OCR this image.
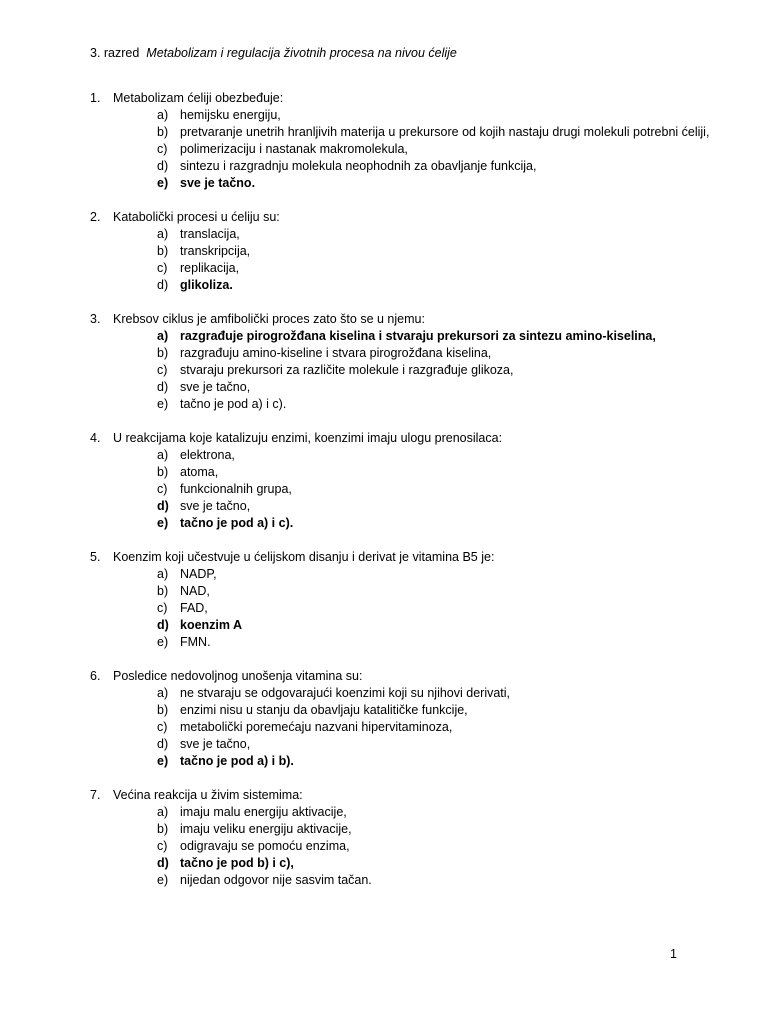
3. razred Metabolizam i regulacija životnih procesa na nivou ćelije
1.	Metabolizam ćeliji obezbeđuje:
a) hemijsku energiju,
b) pretvaranje unetrih hranljivih materija u prekursore od kojih nastaju drugi molekuli potrebni ćeliji,
c)	polimerizaciju i nastanak makromolekula,
d) sintezu i razgradnju molekula neophodnih za obavljanje funkcija,
e) sve je tačno.
2.	Katabolički procesi u ćeliju su:
a) translacija,
b) transkripcija,
c)	replikacija,
d) glikoliza.
3.	Krebsov ciklus je amfibolički proces zato što se u njemu:
a) razgrađuje pirogrožđana kiselina i stvaraju prekursori za sintezu amino-kiselina,
b) razgrađuju amino-kiseline i stvara pirogrožđana kiselina,
c)	stvaraju prekursori za različite molekule i razgrađuje glikoza,
d) sve je tačno,
e) tačno je pod a) i c).
4.	U reakcijama koje katalizuju enzimi, koenzimi imaju ulogu prenosilaca:
a) elektrona,
b) atoma,
c)	funkcionalnih grupa,
d) sve je tačno,
e) tačno je pod a) i c).
5.	Koenzim koji učestvuje u ćelijskom disanju i derivat je vitamina B5 je:
a) NADP,
b) NAD,
c)	FAD,
d) koenzim A
e) FMN.
6.	Posledice nedovoljnog unošenja vitamina su:
a) ne stvaraju se odgovarajući koenzimi koji su njihovi derivati,
b) enzimi nisu u stanju da obavljaju katalitičke funkcije,
c)	metabolički poremećaju nazvani hipervitaminoza,
d) sve je tačno,
e) tačno je pod a) i b).
7.	Većina reakcija u živim sistemima:
a) imaju malu energiju aktivacije,
b) imaju veliku energiju aktivacije,
c)	odigravaju se pomoću enzima,
d) tačno je pod b) i c),
e) nijedan odgovor nije sasvim tačan.
1
